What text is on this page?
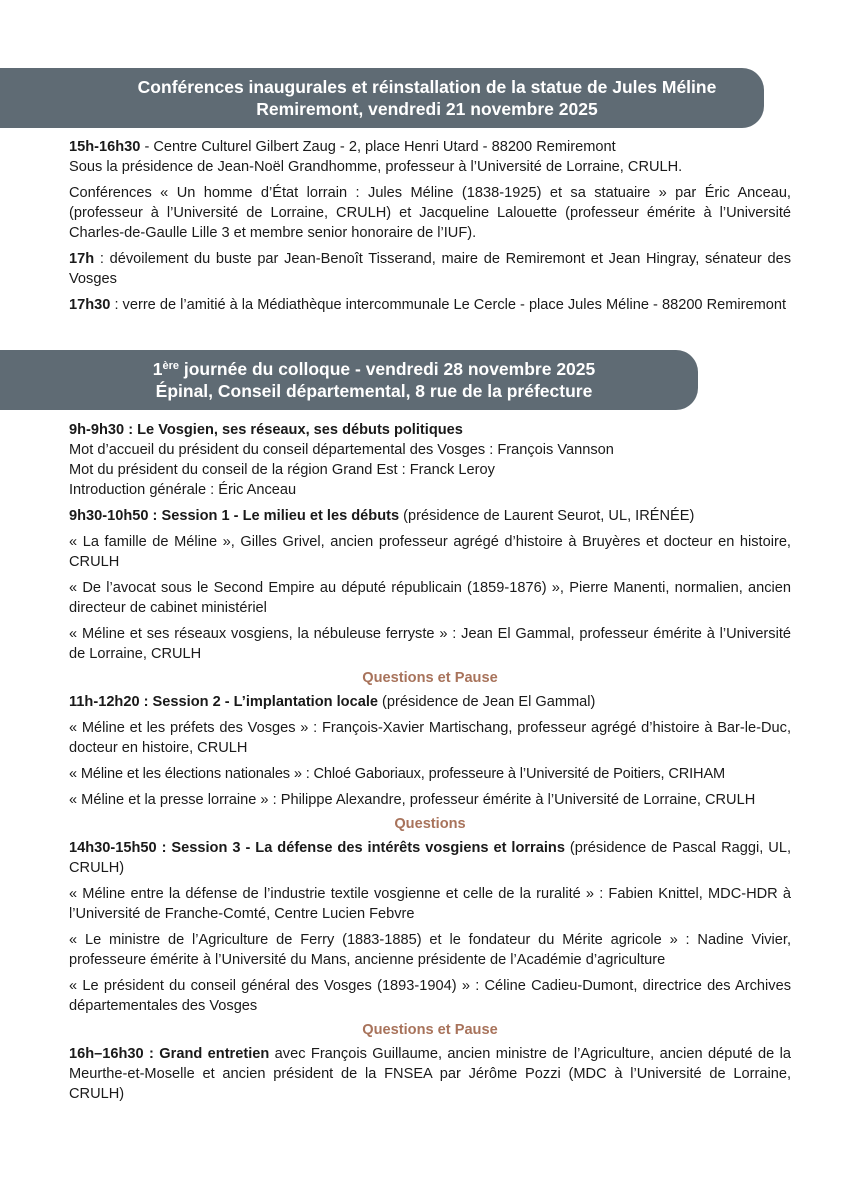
Conférences inaugurales et réinstallation de la statue de Jules Méline
Remiremont, vendredi 21 novembre 2025

15h-16h30 - Centre Culturel Gilbert Zaug - 2, place Henri Utard - 88200 Remiremont
Sous la présidence de Jean-Noël Grandhomme, professeur à l’Université de Lorraine, CRULH.

Conférences « Un homme d’État lorrain : Jules Méline (1838-1925) et sa statuaire » par Éric Anceau, (professeur à l’Université de Lorraine, CRULH) et Jacqueline Lalouette (professeur émérite à l’Université Charles-de-Gaulle Lille 3 et membre senior honoraire de l’IUF).

17h : dévoilement du buste par Jean-Benoît Tisserand, maire de Remiremont et Jean Hingray, sénateur des Vosges

17h30 : verre de l’amitié à la Médiathèque intercommunale Le Cercle - place Jules Méline - 88200 Remiremont

1ère journée du colloque - vendredi 28 novembre 2025
Épinal, Conseil départemental, 8 rue de la préfecture

9h-9h30 : Le Vosgien, ses réseaux, ses débuts politiques
Mot d’accueil du président du conseil départemental des Vosges : François Vannson
Mot du président du conseil de la région Grand Est : Franck Leroy
Introduction générale : Éric Anceau

9h30-10h50 : Session 1 - Le milieu et les débuts (présidence de Laurent Seurot, UL, IRÉNÉE)

« La famille de Méline », Gilles Grivel, ancien professeur agrégé d’histoire à Bruyères et docteur en histoire, CRULH

« De l’avocat sous le Second Empire au député républicain (1859-1876) », Pierre Manenti, normalien, ancien directeur de cabinet ministériel

« Méline et ses réseaux vosgiens, la nébuleuse ferryste » : Jean El Gammal, professeur émérite à l’Université de Lorraine, CRULH

Questions et Pause

11h-12h20 : Session 2 - L’implantation locale (présidence de Jean El Gammal)

« Méline et les préfets des Vosges » : François-Xavier Martischang, professeur agrégé d’histoire à Bar-le-Duc, docteur en histoire, CRULH

« Méline et les élections nationales » : Chloé Gaboriaux, professeure à l’Université de Poitiers, CRIHAM

« Méline et la presse lorraine » : Philippe Alexandre, professeur émérite à l’Université de Lorraine, CRULH

Questions

14h30-15h50 : Session 3 - La défense des intérêts vosgiens et lorrains (présidence de Pascal Raggi, UL, CRULH)

« Méline entre la défense de l’industrie textile vosgienne et celle de la ruralité » : Fabien Knittel, MDC-HDR à l’Université de Franche-Comté, Centre Lucien Febvre

« Le ministre de l’Agriculture de Ferry (1883-1885) et le fondateur du Mérite agricole » : Nadine Vivier, professeure émérite à l’Université du Mans, ancienne présidente de l’Académie d’agriculture

« Le président du conseil général des Vosges (1893-1904) » : Céline Cadieu-Dumont, directrice des Archives départementales des Vosges

Questions et Pause

16h–16h30 : Grand entretien avec François Guillaume, ancien ministre de l’Agriculture, ancien député de la Meurthe-et-Moselle et ancien président de la FNSEA par Jérôme Pozzi (MDC à l’Université de Lorraine, CRULH)
